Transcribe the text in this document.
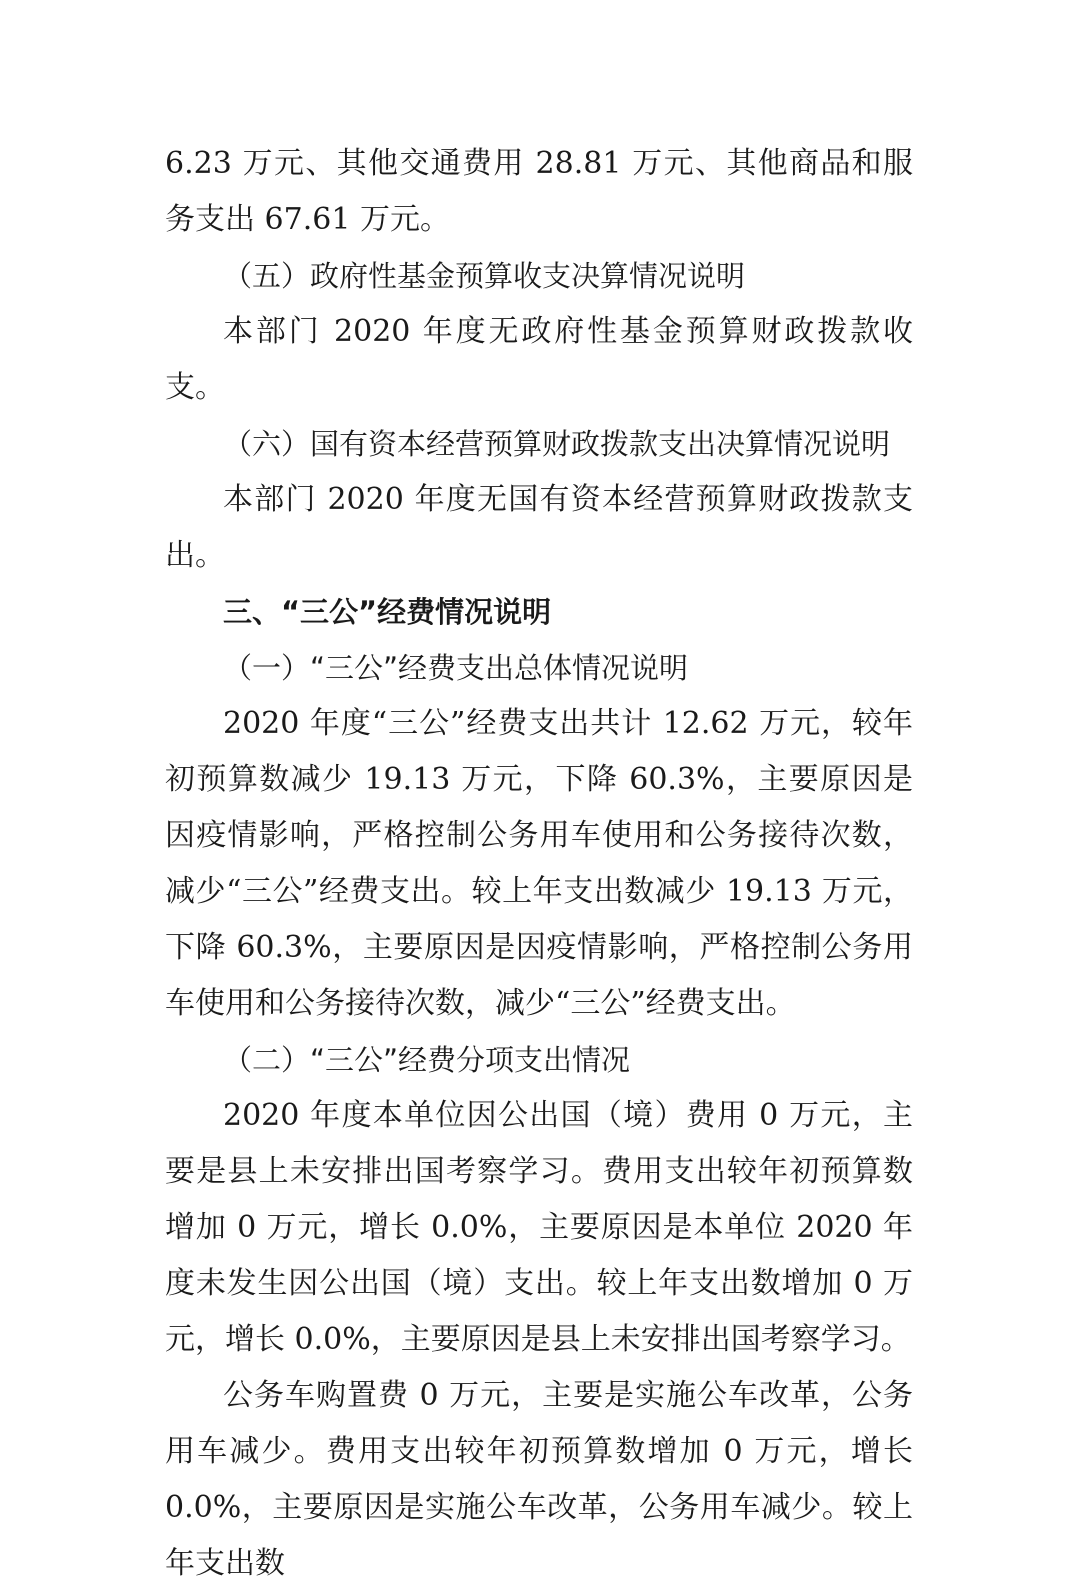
6.23 万元、其他交通费用 28.81 万元、其他商品和服务支出 67.61 万元。

（五）政府性基金预算收支决算情况说明

本部门 2020 年度无政府性基金预算财政拨款收支。

（六）国有资本经营预算财政拨款支出决算情况说明

本部门 2020 年度无国有资本经营预算财政拨款支出。

三、“三公”经费情况说明

（一）“三公”经费支出总体情况说明

2020 年度“三公”经费支出共计 12.62 万元，较年初预算数减少 19.13 万元，下降 60.3%，主要原因是因疫情影响，严格控制公务用车使用和公务接待次数，减少“三公”经费支出。较上年支出数减少 19.13 万元，下降 60.3%，主要原因是因疫情影响，严格控制公务用车使用和公务接待次数，减少“三公”经费支出。

（二）“三公”经费分项支出情况

2020 年度本单位因公出国（境）费用 0 万元，主要是县上未安排出国考察学习。费用支出较年初预算数增加 0 万元，增长 0.0%，主要原因是本单位 2020 年度未发生因公出国（境）支出。较上年支出数增加 0 万元，增长 0.0%，主要原因是县上未安排出国考察学习。

公务车购置费 0 万元，主要是实施公车改革，公务用车减少。费用支出较年初预算数增加 0 万元，增长 0.0%，主要原因是实施公车改革，公务用车减少。较上年支出数
